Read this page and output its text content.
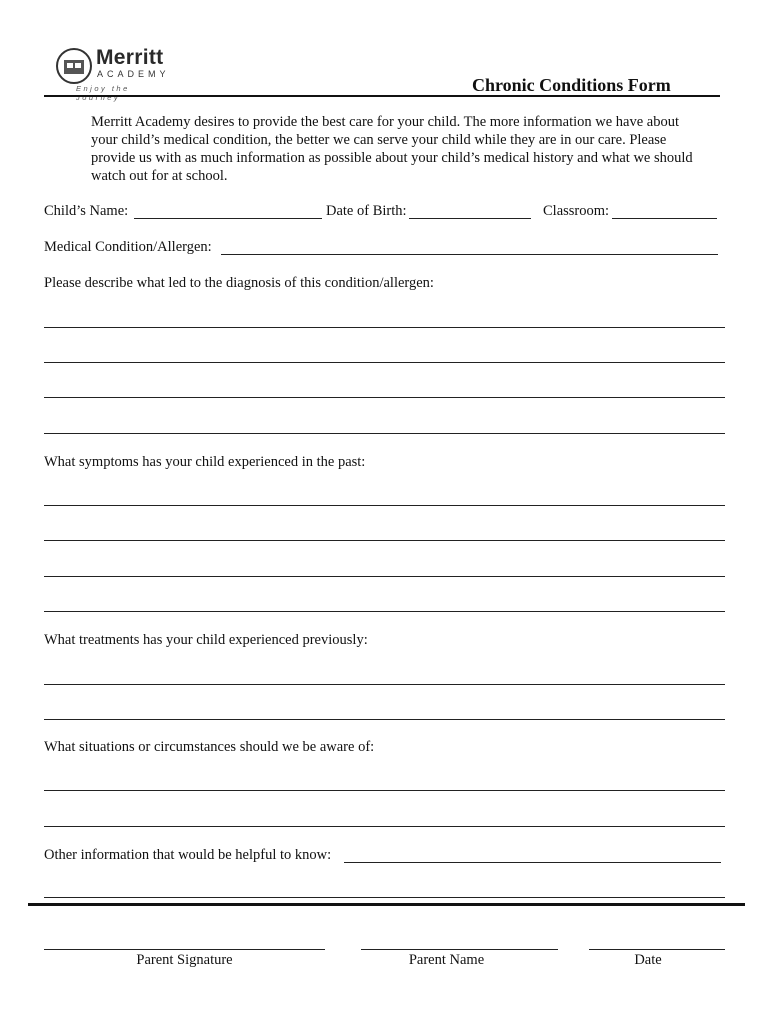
Merritt
ACADEMY
Enjoy the Journey
Chronic Conditions Form
Merritt Academy desires to provide the best care for your child. The more information we have about
your child’s medical condition, the better we can serve your child while they are in our care. Please
provide us with as much information as possible about your child’s medical history and what we should
watch out for at school.
Child’s Name:	Date of Birth:	Classroom:
Medical Condition/Allergen:
Please describe what led to the diagnosis of this condition/allergen:
What symptoms has your child experienced in the past:
What treatments has your child experienced previously:
What situations or circumstances should we be aware of:
Other information that would be helpful to know:
Parent Signature	Parent Name	Date
